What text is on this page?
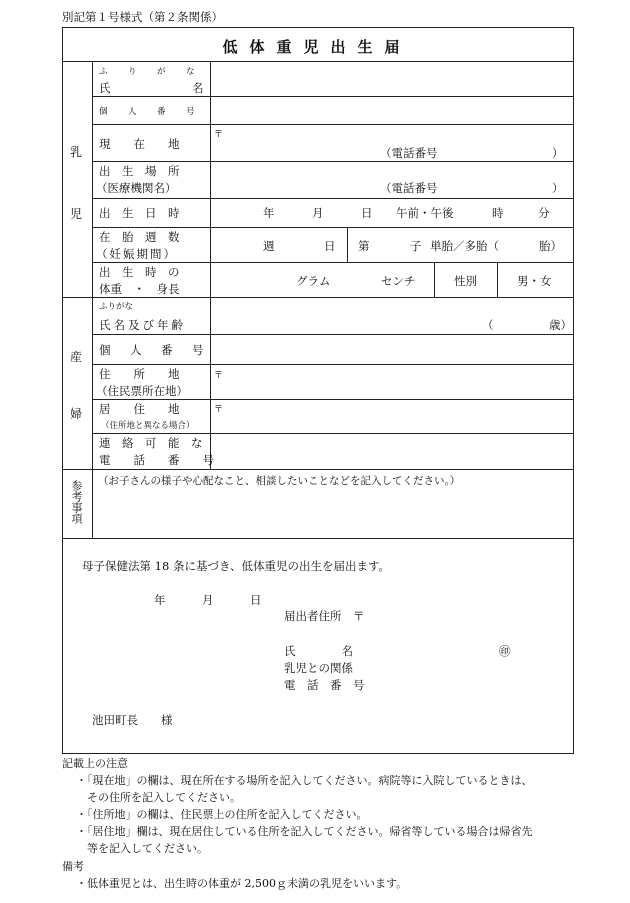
別記第１号様式（第２条関係）
低体重児出生届
乳
児
ふ　り　が　な
氏	名
個　人　番　号
現　　在　　地
〒
（電話番号	）
出　生　場　所
（医療機関名）	（電話番号	）
出　生　日　時	年	月	日 午前・午後	時	分
在　胎　週　数
（妊娠期間）
週	日 第	子 単胎／多胎（	胎）
出　生　時　の
体重　・　身長
グラム	センチ	性別	男・女
産
婦
ふりがな
氏名及び年齢	（	歳）
個　人　番　号
住　　所　　地
（住民票所在地）
〒
居　　住　　地
（住所地と異なる場合）
〒
連　絡　可　能　な
電　　話　　番　　号
参考事項 （お子さんの様子や心配なこと、相談したいことなどを記入してください。）
母子保健法第 18 条に基づき、低体重児の出生を届出ます。
年	月	日
届出者住所　〒
氏　　　　名	㊞
乳児との関係
電　話　番　号
池田町長　　様
記載上の注意
・「現在地」の欄は、現在所在する場所を記入してください。病院等に入院しているときは、
　その住所を記入してください。
・「住所地」の欄は、住民票上の住所を記入してください。
・「居住地」欄は、現在居住している住所を記入してください。帰省等している場合は帰省先
　等を記入してください。
備考
・低体重児とは、出生時の体重が 2,500ｇ未満の乳児をいいます。
